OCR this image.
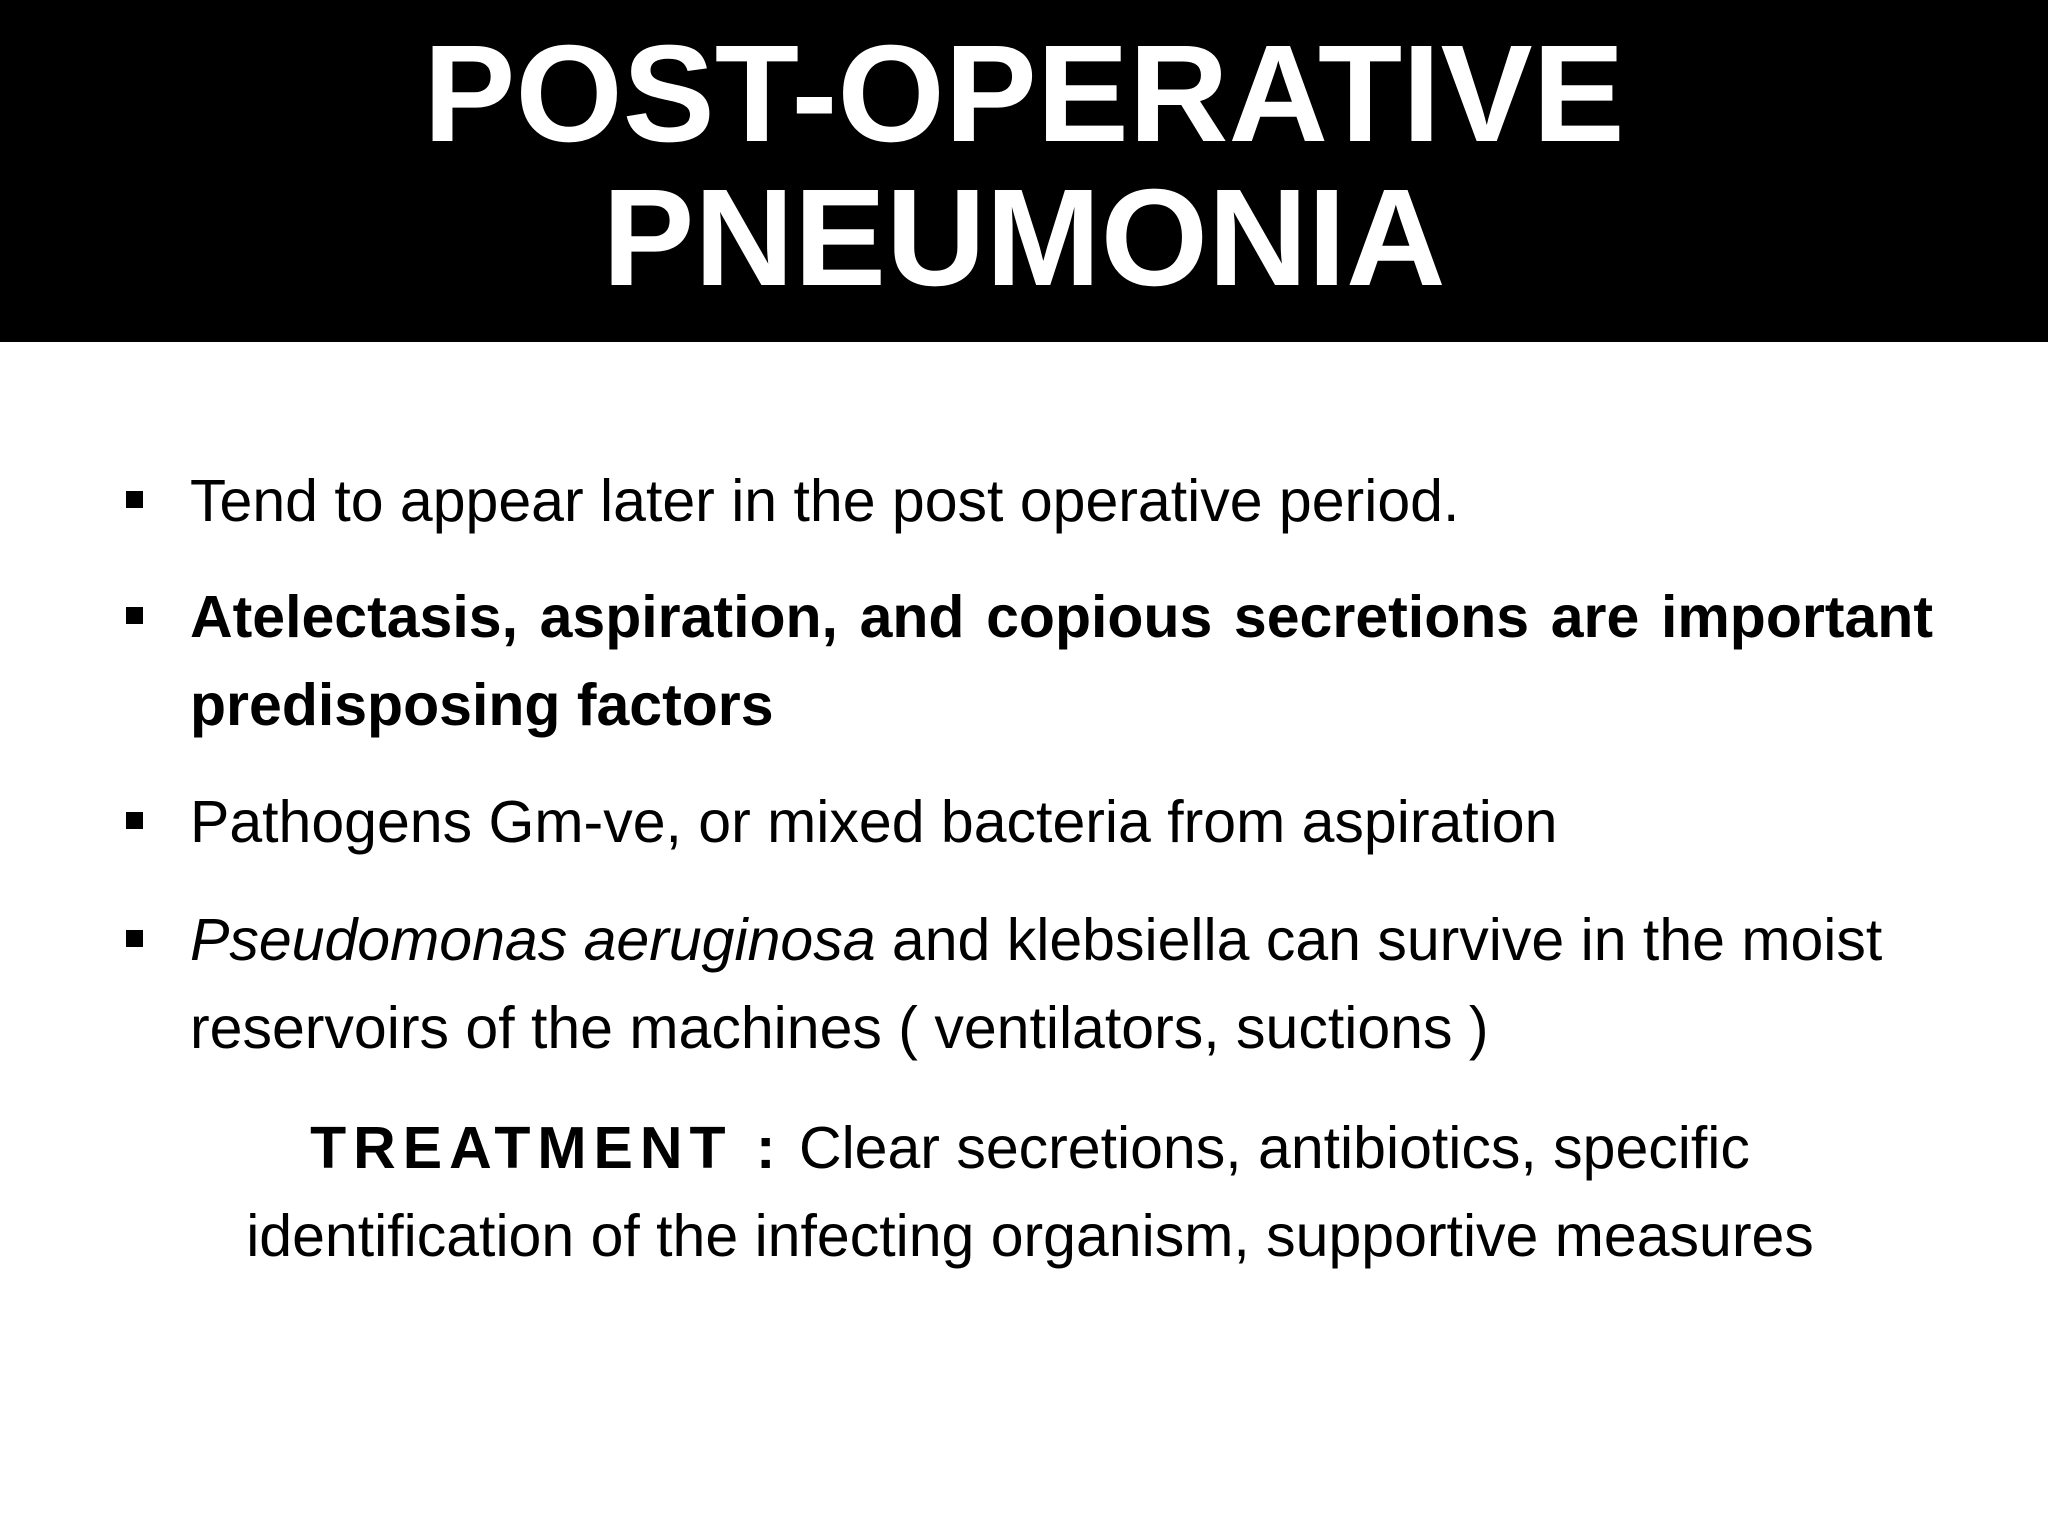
POST-OPERATIVE
PNEUMONIA
Tend to appear later in the post operative period.
Atelectasis, aspiration, and copious secretions are important predisposing factors
Pathogens Gm-ve, or mixed bacteria from aspiration
Pseudomonas aeruginosa and klebsiella can survive in the moist reservoirs of the machines ( ventilators, suctions )
TREATMENT : Clear secretions, antibiotics, specific identification of the infecting organism, supportive measures
